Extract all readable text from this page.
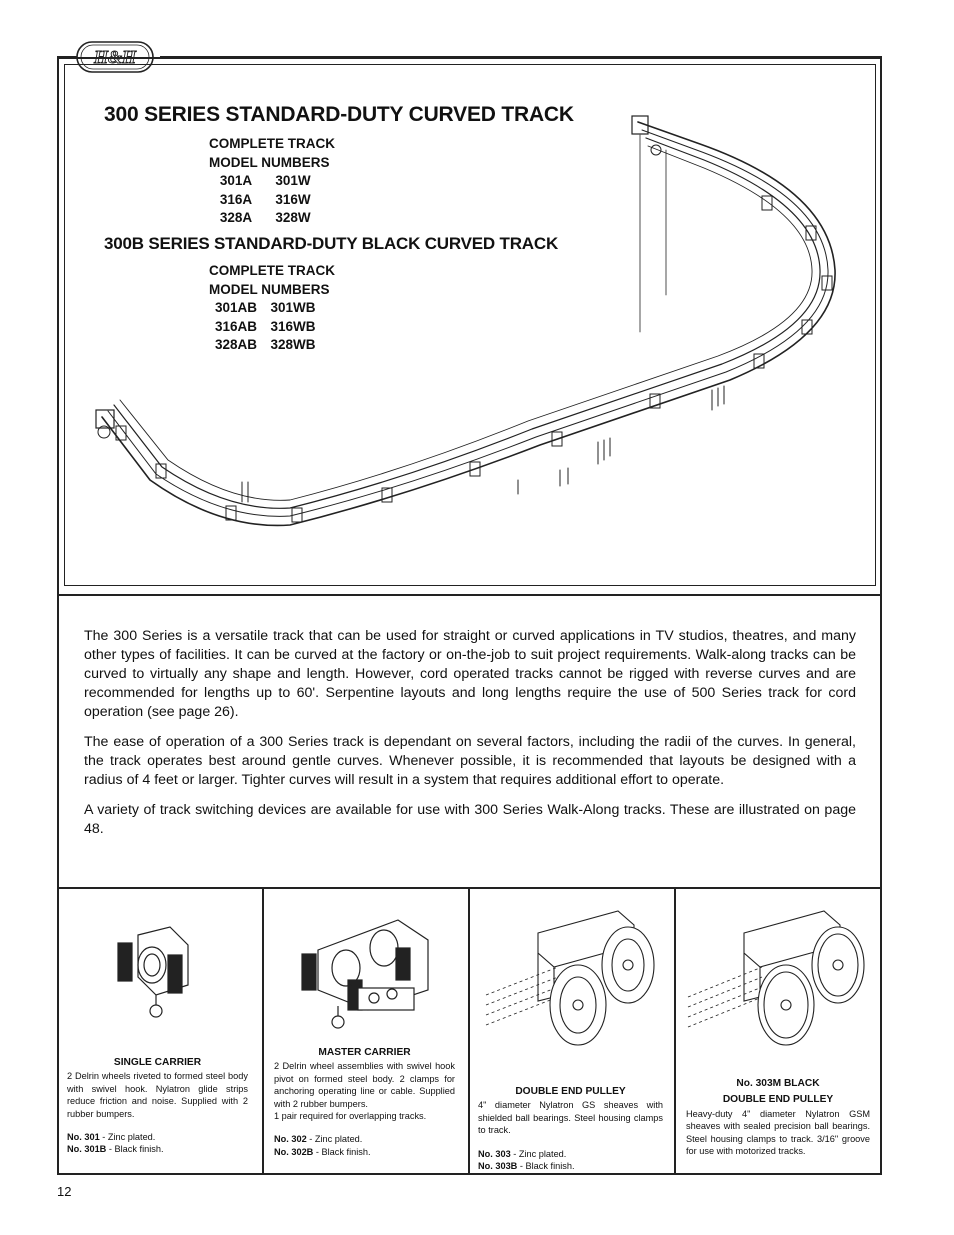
H&H
300 SERIES STANDARD-DUTY CURVED TRACK
COMPLETE TRACK
MODEL NUMBERS
301A	301W
316A	316W
328A	328W
300B SERIES STANDARD-DUTY BLACK CURVED TRACK
COMPLETE TRACK
MODEL NUMBERS
301AB 301WB
316AB 316WB
328AB 328WB

The 300 Series is a versatile track that can be used for straight or curved applications in TV studios, theatres, and many other types of facilities. It can be curved at the factory or on-the-job to suit project requirements. Walk-along tracks can be curved to virtually any shape and length. However, cord operated tracks cannot be rigged with reverse curves and are recommended for lengths up to 60'. Serpentine layouts and long lengths require the use of 500 Series track for cord operation (see page 26).

The ease of operation of a 300 Series track is dependant on several factors, including the radii of the curves. In general, the track operates best around gentle curves. Whenever possible, it is recommended that layouts be designed with a radius of 4 feet or larger. Tighter curves will result in a system that requires additional effort to operate.

A variety of track switching devices are available for use with 300 Series Walk-Along tracks. These are illustrated on page 48.

SINGLE CARRIER
2 Delrin wheels riveted to formed steel body with swivel hook. Nylatron glide strips reduce friction and noise. Supplied with 2 rubber bumpers.
No. 301 - Zinc plated.
No. 301B - Black finish.
MASTER CARRIER
2 Delrin wheel assemblies with swivel hook pivot on formed steel body. 2 clamps for anchoring operating line or cable. Supplied with 2 rubber bumpers.
1 pair required for overlapping tracks.
No. 302 - Zinc plated.
No. 302B - Black finish.
DOUBLE END PULLEY
4" diameter Nylatron GS sheaves with shielded ball bearings. Steel housing clamps to track.
No. 303 - Zinc plated.
No. 303B - Black finish.
No. 303M BLACK
DOUBLE END PULLEY
Heavy-duty 4" diameter Nylatron GSM sheaves with sealed precision ball bearings. Steel housing clamps to track. 3/16" groove for use with motorized tracks.
12
